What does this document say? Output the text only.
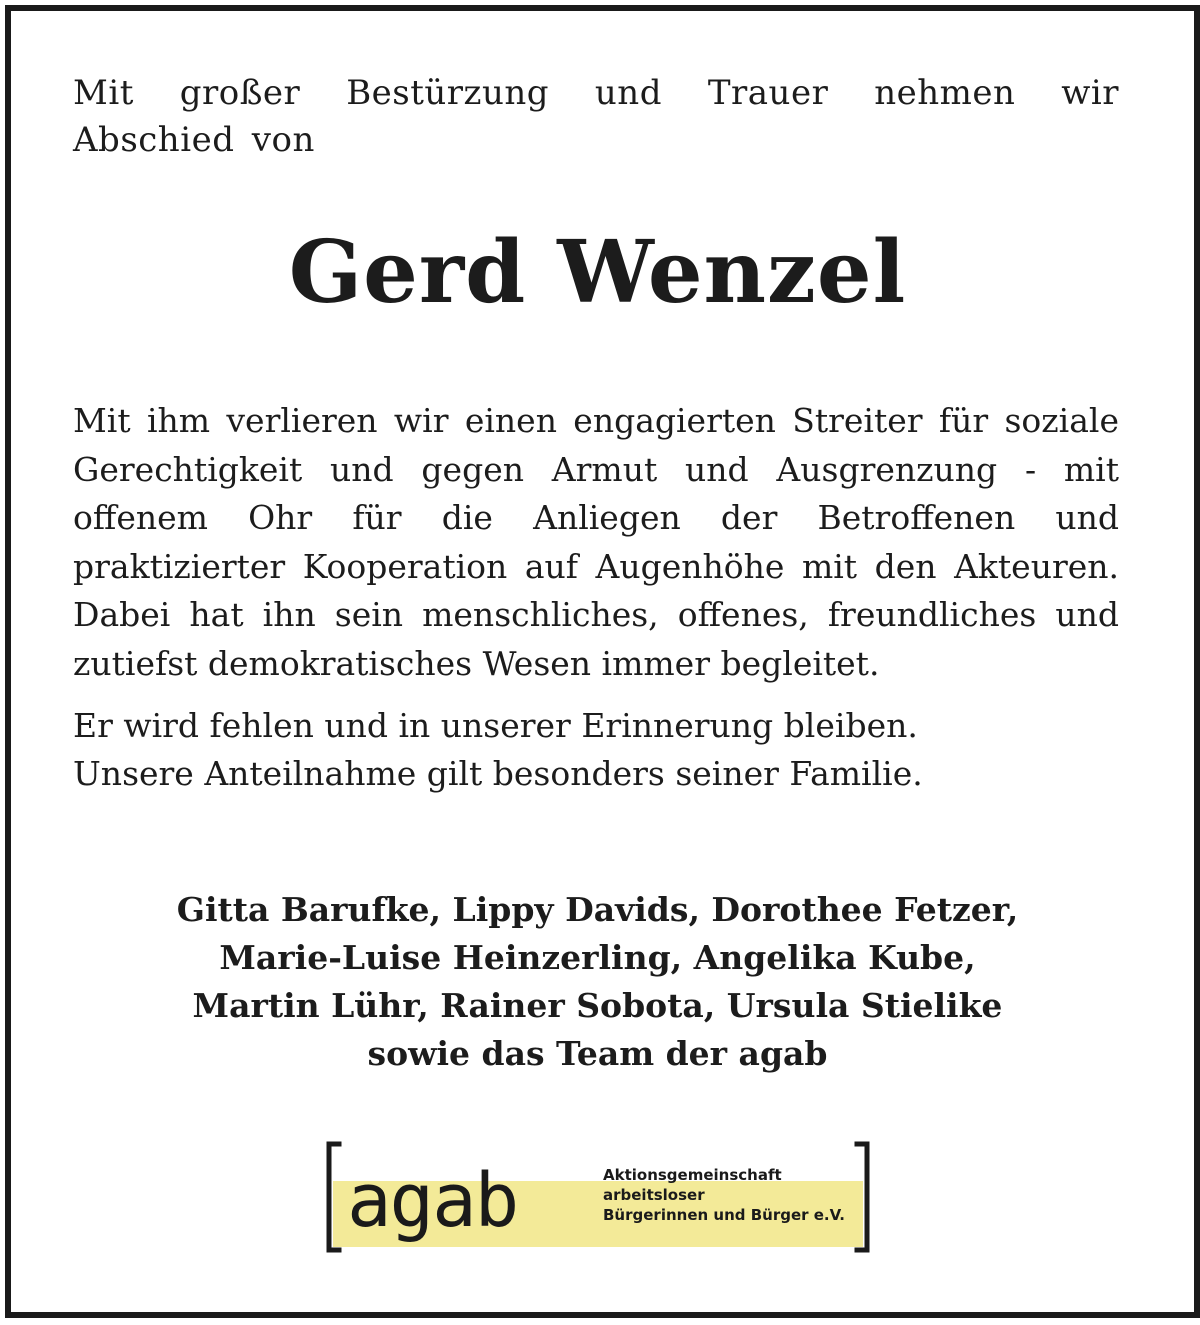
Mit großer Bestürzung und Trauer nehmen wir Abschied von

Gerd Wenzel

Mit ihm verlieren wir einen engagierten Streiter für soziale Gerechtigkeit und gegen Armut und Ausgrenzung - mit offenem Ohr für die Anliegen der Betroffenen und praktizierter Kooperation auf Augenhöhe mit den Akteuren. Dabei hat ihn sein menschliches, offenes, freundliches und zutiefst demokratisches Wesen immer begleitet.

Er wird fehlen und in unserer Erinnerung bleiben.
Unsere Anteilnahme gilt besonders seiner Familie.
Gitta Barufke, Lippy Davids, Dorothee Fetzer,
Marie-Luise Heinzerling, Angelika Kube,
Martin Lühr, Rainer Sobota, Ursula Stielike
sowie das Team der agab
agab	Aktionsgemeinschaft
arbeitsloser
Bürgerinnen und Bürger e.V.
